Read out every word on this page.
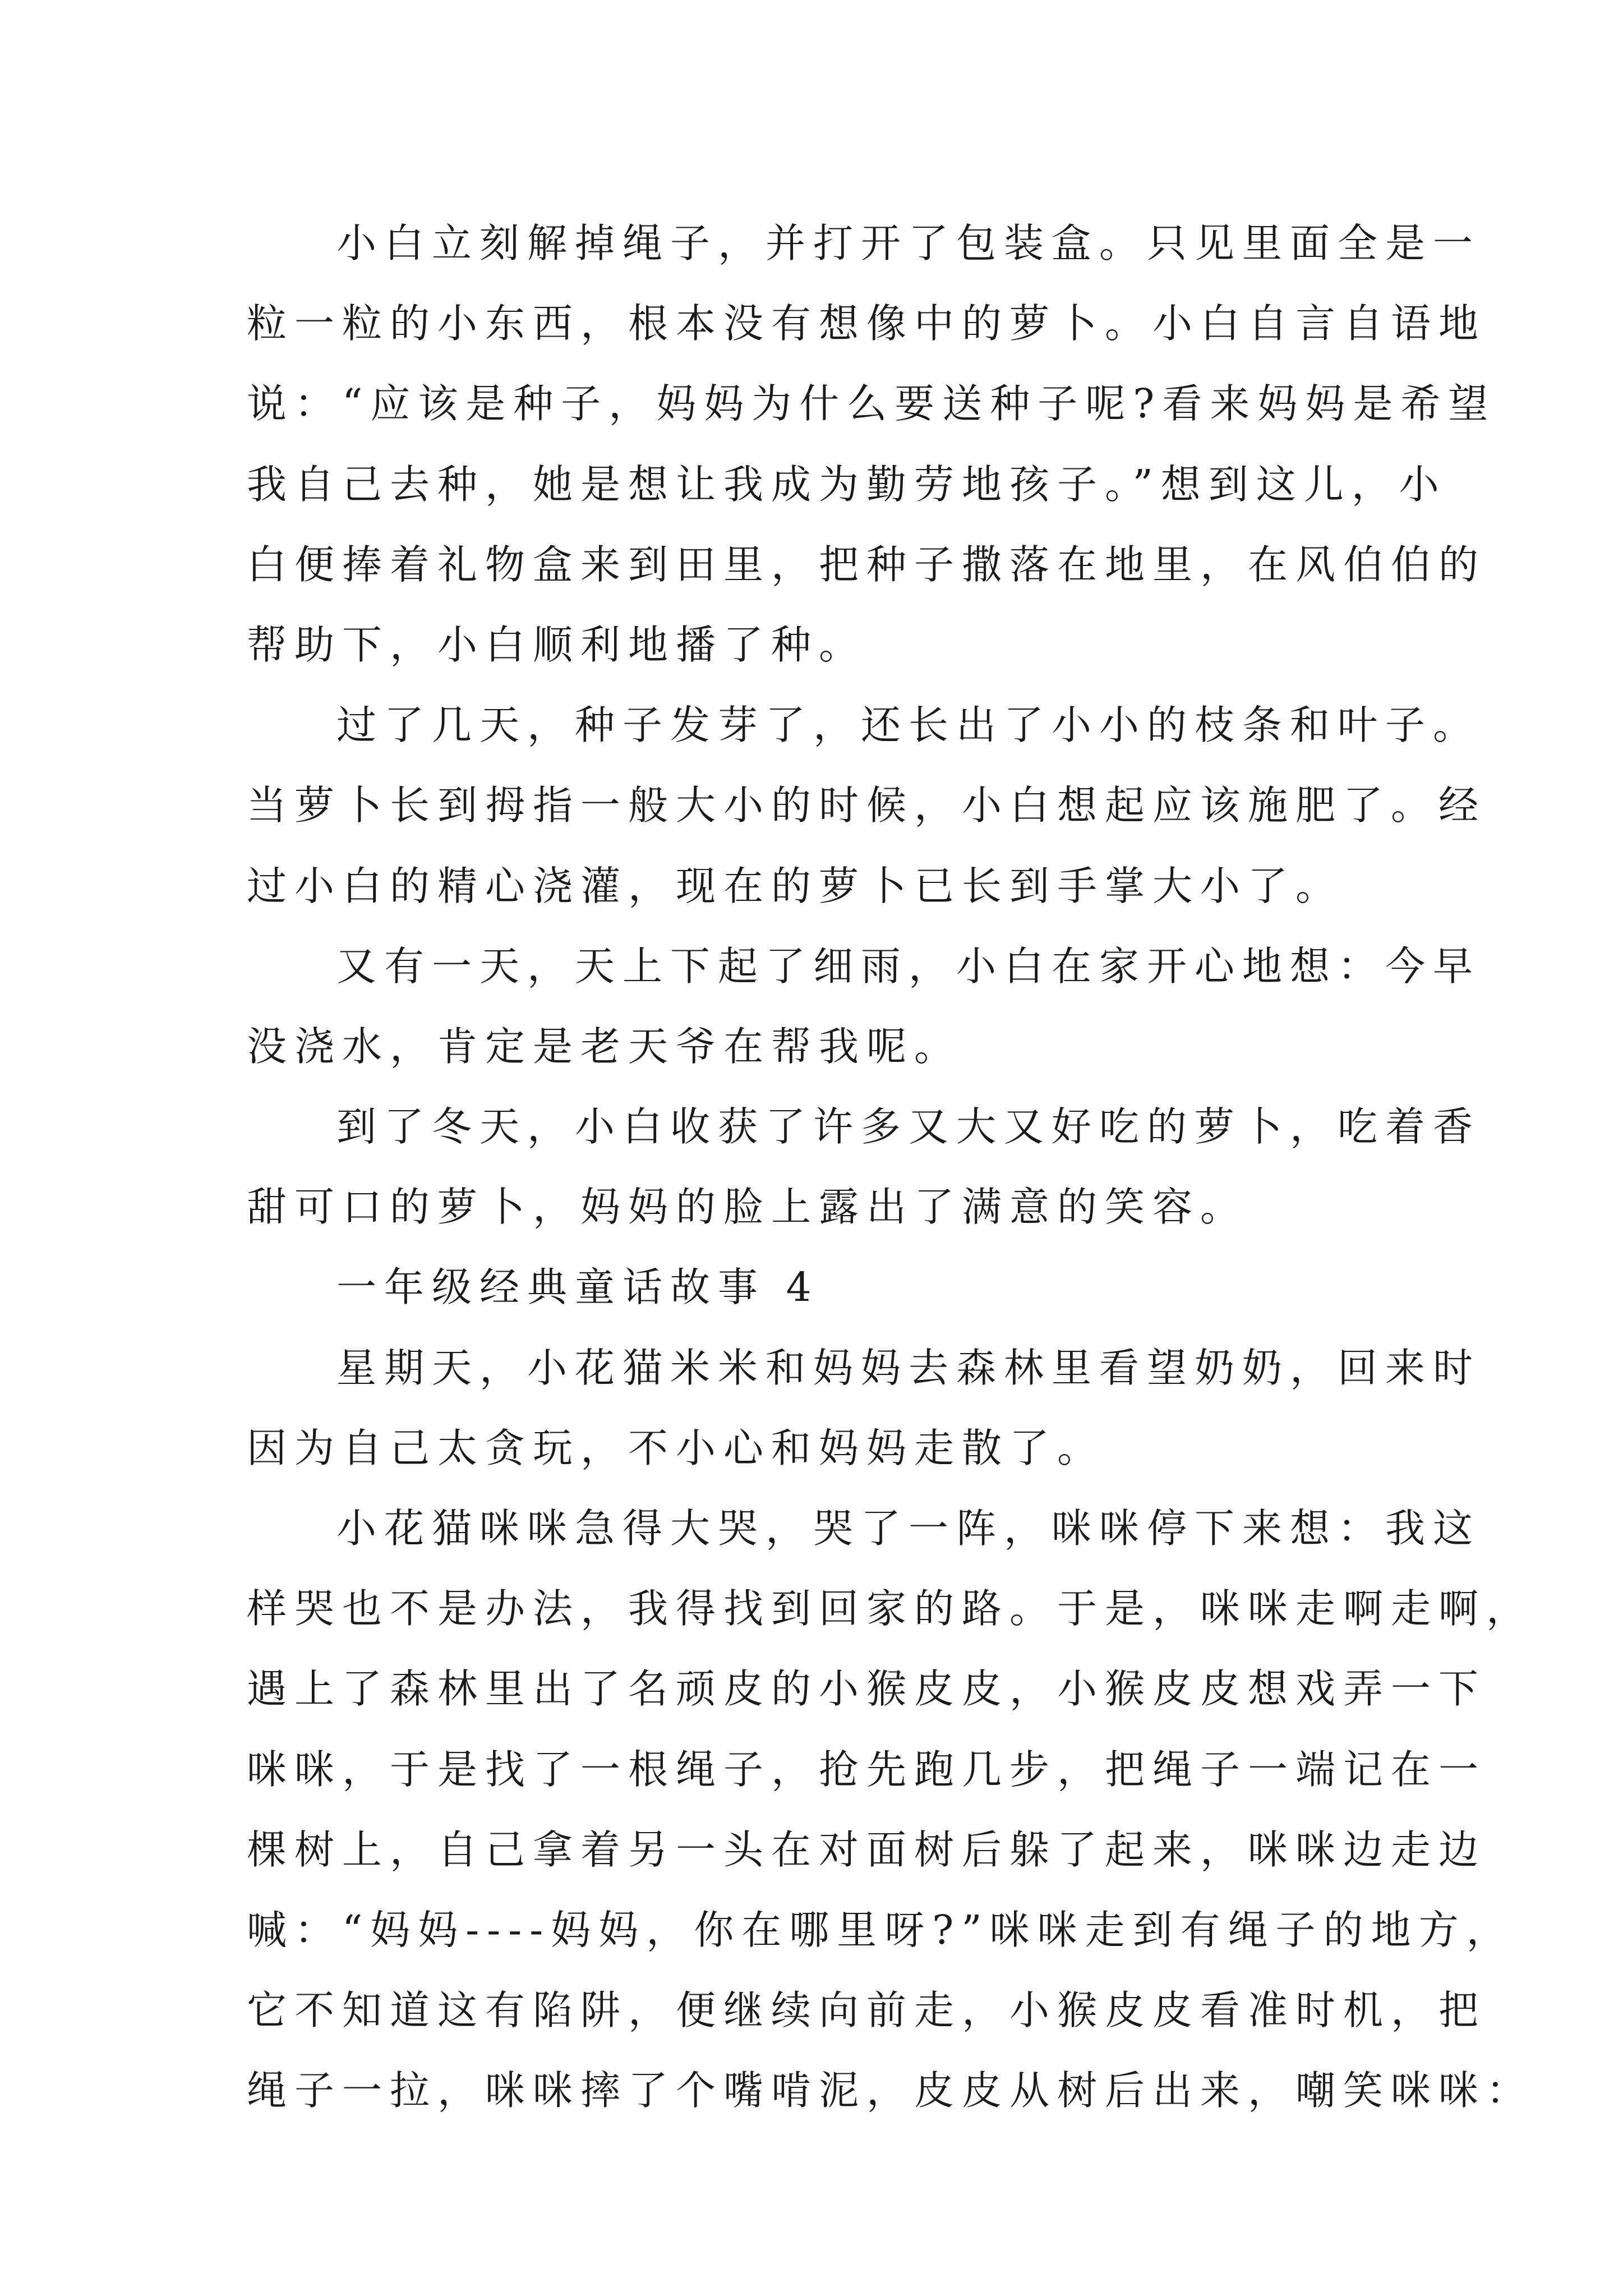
小白立刻解掉绳子，并打开了包装盒。只见里面全是一
粒一粒的小东西，根本没有想像中的萝卜。小白自言自语地
说：“应该是种子，妈妈为什么要送种子呢?看来妈妈是希望
我自己去种，她是想让我成为勤劳地孩子。”想到这儿，小
白便捧着礼物盒来到田里，把种子撒落在地里，在风伯伯的
帮助下，小白顺利地播了种。
过了几天，种子发芽了，还长出了小小的枝条和叶子。
当萝卜长到拇指一般大小的时候，小白想起应该施肥了。经
过小白的精心浇灌，现在的萝卜已长到手掌大小了。
又有一天，天上下起了细雨，小白在家开心地想：今早
没浇水，肯定是老天爷在帮我呢。
到了冬天，小白收获了许多又大又好吃的萝卜，吃着香
甜可口的萝卜，妈妈的脸上露出了满意的笑容。
一年级经典童话故事 4
星期天，小花猫米米和妈妈去森林里看望奶奶，回来时
因为自己太贪玩，不小心和妈妈走散了。
小花猫咪咪急得大哭，哭了一阵，咪咪停下来想：我这
样哭也不是办法，我得找到回家的路。于是，咪咪走啊走啊，
遇上了森林里出了名顽皮的小猴皮皮，小猴皮皮想戏弄一下
咪咪，于是找了一根绳子，抢先跑几步，把绳子一端记在一
棵树上，自己拿着另一头在对面树后躲了起来，咪咪边走边
喊：“妈妈----妈妈，你在哪里呀?”咪咪走到有绳子的地方，
它不知道这有陷阱，便继续向前走，小猴皮皮看准时机，把
绳子一拉，咪咪摔了个嘴啃泥，皮皮从树后出来，嘲笑咪咪：
